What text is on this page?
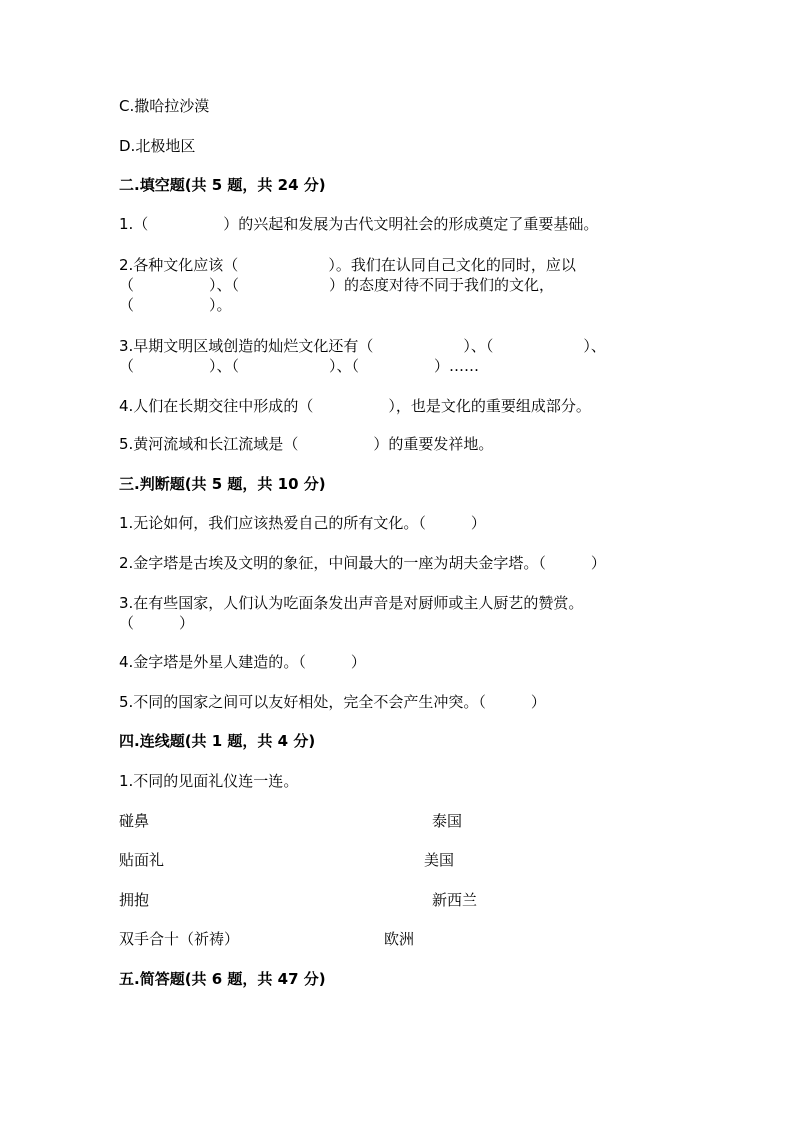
C.撒哈拉沙漠
D.北极地区
二.填空题(共 5 题，共 24 分)
1.（　　　　　）的兴起和发展为古代文明社会的形成奠定了重要基础。
2.各种文化应该（　　　　　　）。我们在认同自己文化的同时，应以
（　　　　　）、（　　　　　　）的态度对待不同于我们的文化，
（　　　　　）。
3.早期文明区域创造的灿烂文化还有（　　　　　　）、（　　　　　　）、
（　　　　　）、（　　　　　　）、（　　　　　）……
4.人们在长期交往中形成的（　　　　　），也是文化的重要组成部分。
5.黄河流域和长江流域是（　　　　　）的重要发祥地。
三.判断题(共 5 题，共 10 分)
1.无论如何，我们应该热爱自己的所有文化。（　　　）
2.金字塔是古埃及文明的象征，中间最大的一座为胡夫金字塔。（　　　）
3.在有些国家，人们认为吃面条发出声音是对厨师或主人厨艺的赞赏。
（　　　）
4.金字塔是外星人建造的。（　　　）
5.不同的国家之间可以友好相处，完全不会产生冲突。（　　　）
四.连线题(共 1 题，共 4 分)
1.不同的见面礼仪连一连。
碰鼻	泰国
贴面礼	美国
拥抱	新西兰
双手合十（祈祷）	欧洲
五.简答题(共 6 题，共 47 分)
